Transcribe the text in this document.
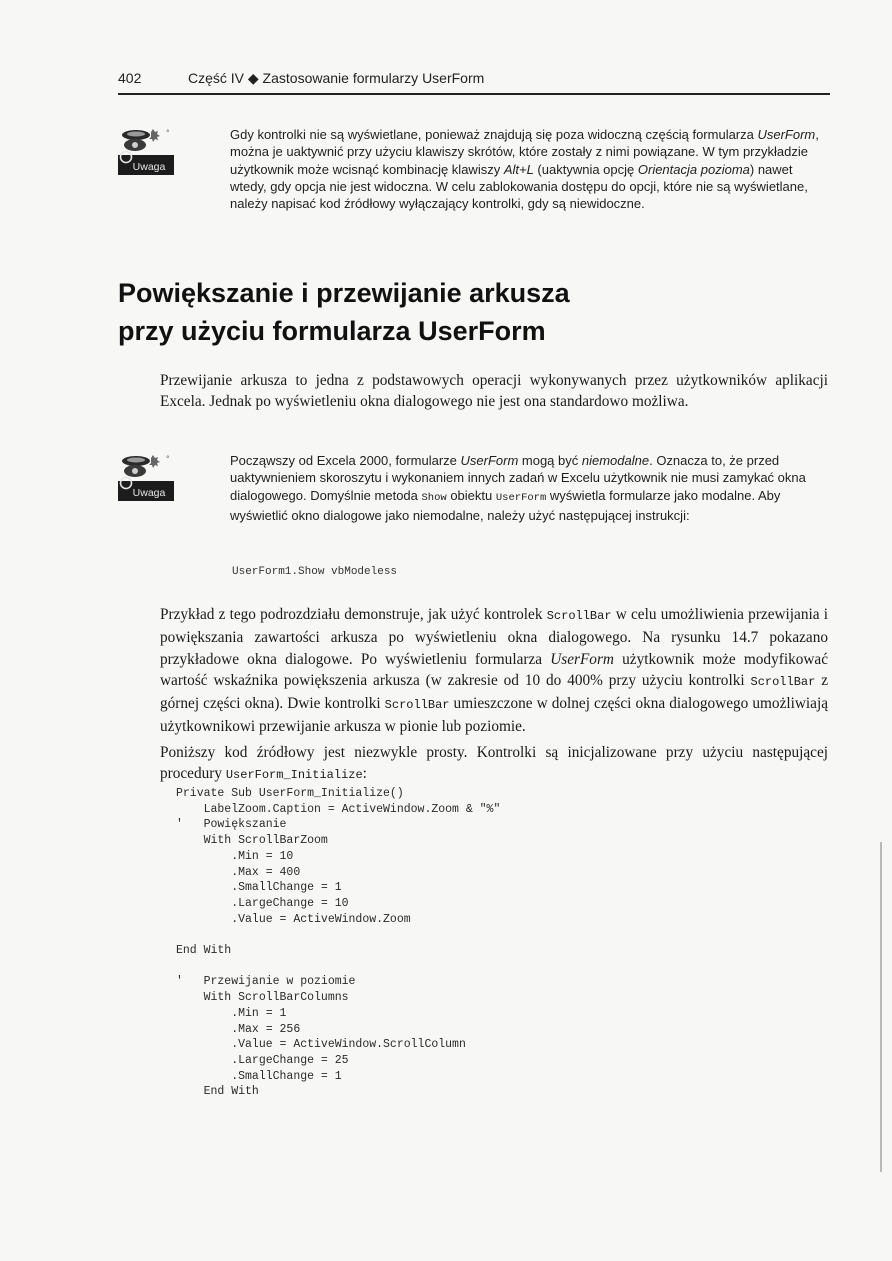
402	Część IV ◆ Zastosowanie formularzy UserForm
°
Uwaga
Gdy kontrolki nie są wyświetlane, ponieważ znajdują się poza widoczną częścią formularza UserForm, można je uaktywnić przy użyciu klawiszy skrótów, które zostały z nimi powiązane. W tym przykładzie użytkownik może wcisnąć kombinację klawiszy Alt+L (uaktywnia opcję Orientacja pozioma) nawet wtedy, gdy opcja nie jest widoczna. W celu zablokowania dostępu do opcji, które nie są wyświetlane, należy napisać kod źródłowy wyłączający kontrolki, gdy są niewidoczne.
Powiększanie i przewijanie arkusza
przy użyciu formularza UserForm

Przewijanie arkusza to jedna z podstawowych operacji wykonywanych przez użytkowników aplikacji Excela. Jednak po wyświetleniu okna dialogowego nie jest ona standardowo możliwa.

°
Uwaga
Począwszy od Excela 2000, formularze UserForm mogą być niemodalne. Oznacza to, że przed uaktywnieniem skoroszytu i wykonaniem innych zadań w Excelu użytkownik nie musi zamykać okna dialogowego. Domyślnie metoda Show obiektu UserForm wyświetla formularze jako modalne. Aby wyświetlić okno dialogowe jako niemodalne, należy użyć następującej instrukcji:
UserForm1.Show vbModeless

Przykład z tego podrozdziału demonstruje, jak użyć kontrolek ScrollBar w celu umożliwienia przewijania i powiększania zawartości arkusza po wyświetleniu okna dialogowego. Na rysunku 14.7 pokazano przykładowe okna dialogowe. Po wyświetleniu formularza UserForm użytkownik może modyfikować wartość wskaźnika powiększenia arkusza (w zakresie od 10 do 400% przy użyciu kontrolki ScrollBar z górnej części okna). Dwie kontrolki ScrollBar umieszczone w dolnej części okna dialogowego umożliwiają użytkownikowi przewijanie arkusza w pionie lub poziomie.

Poniższy kod źródłowy jest niezwykle prosty. Kontrolki są inicjalizowane przy użyciu następującej procedury UserForm_Initialize:

Private Sub UserForm_Initialize()
LabelZoom.Caption = ActiveWindow.Zoom & "%"
'   Powiększanie
With ScrollBarZoom
.Min = 10
.Max = 400
.SmallChange = 1
.LargeChange = 10
.Value = ActiveWindow.Zoom

End With

'   Przewijanie w poziomie
With ScrollBarColumns
.Min = 1
.Max = 256
.Value = ActiveWindow.ScrollColumn
.LargeChange = 25
.SmallChange = 1
End With
